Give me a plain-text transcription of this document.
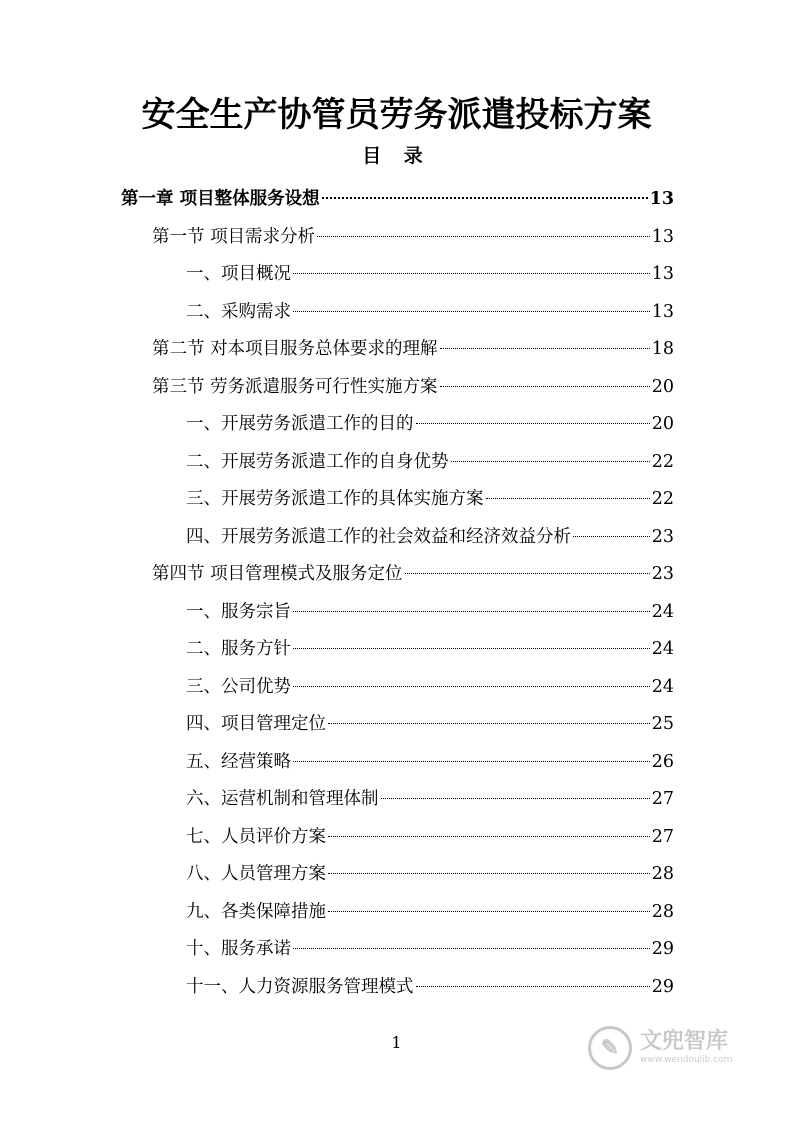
安全生产协管员劳务派遣投标方案
目 录
第一章 项目整体服务设想	13
第一节 项目需求分析	13
一、项目概况	13
二、采购需求	13
第二节 对本项目服务总体要求的理解	18
第三节 劳务派遣服务可行性实施方案	20
一、开展劳务派遣工作的目的	20
二、开展劳务派遣工作的自身优势	22
三、开展劳务派遣工作的具体实施方案	22
四、开展劳务派遣工作的社会效益和经济效益分析	23
第四节 项目管理模式及服务定位	23
一、服务宗旨	24
二、服务方针	24
三、公司优势	24
四、项目管理定位	25
五、经营策略	26
六、运营机制和管理体制	27
七、人员评价方案	27
八、人员管理方案	28
九、各类保障措施	28
十、服务承诺	29
十一、人力资源服务管理模式	29
1	✎ 文兜智库
www.wendoulib.com
